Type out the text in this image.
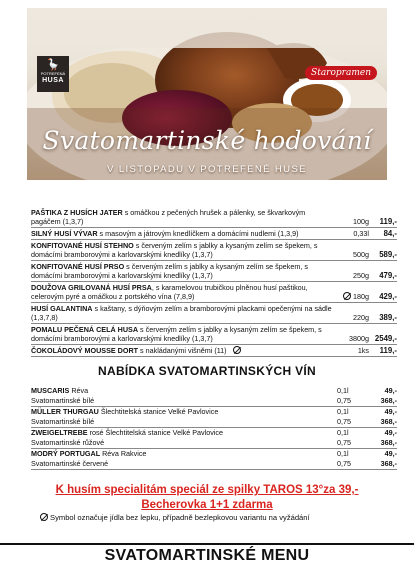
🪿
POTREFENÁ
HUSA
Staropramen
Svatomartinské hodování
V LISTOPADU V POTREFENÉ HUSE
PAŠTIKA Z HUSÍCH JATER s omáčkou z pečených hrušek a pálenky, se škvarkovým pagáčem (1,3,7)	100g	119,-
SILNÝ HUSÍ VÝVAR s masovým a játrovým knedlíčkem a domácími nudlemi (1,3,9)	0,33l	84,-
KONFITOVANÉ HUSÍ STEHNO s červeným zelím s jablky a kysaným zelím se špekem, s domácími bramborovými a karlovarskými knedlíky (1,3,7)	500g	589,-
KONFITOVANÉ HUSÍ PRSO s červeným zelím s jablky a kysaným zelím se špekem, s domácími bramborovými a karlovarskými knedlíky (1,3,7)	250g	479,-
DOUŽOVA GRILOVANÁ HUSÍ PRSA, s karamelovou trubičkou plněnou husí paštikou, celerovým pyré a omáčkou z portského vína (7,8,9)	180g	429,-
HUSÍ GALANTINA s kaštany, s dýňovým zelím a bramborovými plackami opečenými na sádle (1,3,7,8)	220g	389,-
POMALU PEČENÁ CELÁ HUSA s červeným zelím s jablky a kysaným zelím se špekem, s domácími bramborovými a karlovarskými knedlíky (1,3,7)	3800g 2549,-
ČOKOLÁDOVÝ MOUSSE DORT s nakládanými višněmi (11)	1ks	119,-
NABÍDKA SVATOMARTINSKÝCH VÍN
MUSCARIS Réva	0,1l	49,-
Svatomartinské bílé	0,75	368,-
MÜLLER THURGAU Šlechtitelská stanice Velké Pavlovice	0,1l	49,-
Svatomartinské bílé	0,75	368,-
ZWEIGELTREBE rosé Šlechtitelská stanice Velké Pavlovice	0,1l	49,-
Svatomartinské růžové	0,75	368,-
MODRÝ PORTUGAL Réva Rakvice	0,1l	49,-
Svatomartinské červené	0,75	368,-
K husím specialitám speciál ze spilky TAROS 13°za 39,-
Becherovka 1+1 zdarma
Symbol označuje jídla bez lepku, případně bezlepkovou variantu na vyžádání
SVATOMARTINSKÉ MENU
